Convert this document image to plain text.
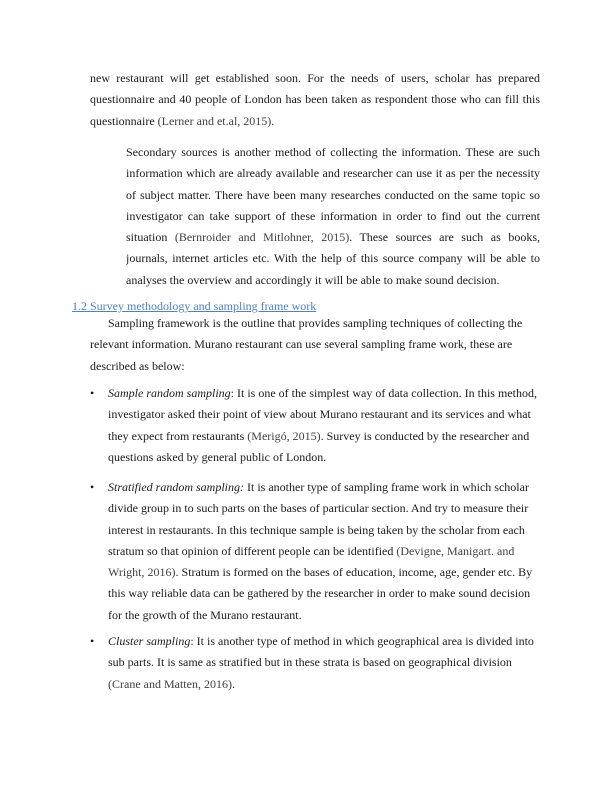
new restaurant will get established soon. For the needs of users, scholar has prepared
questionnaire and 40 people of London has been taken as respondent those who can fill this
questionnaire (Lerner and et.al, 2015).
Secondary sources is another method of collecting the information. These are such
information which are already available and researcher can use it as per the necessity
of subject matter. There have been many researches conducted on the same topic so
investigator can take support of these information in order to find out the current
situation (Bernroider and Mitlohner, 2015). These sources are such as books,
journals, internet articles etc. With the help of this source company will be able to
analyses the overview and accordingly it will be able to make sound decision.
1.2 Survey methodology and sampling frame work
Sampling framework is the outline that provides sampling techniques of collecting the
relevant information. Murano restaurant can use several sampling frame work, these are
described as below:
•	Sample random sampling: It is one of the simplest way of data collection. In this method,
investigator asked their point of view about Murano restaurant and its services and what
they expect from restaurants (Merigó, 2015). Survey is conducted by the researcher and
questions asked by general public of London.
•	Stratified random sampling: It is another type of sampling frame work in which scholar
divide group in to such parts on the bases of particular section. And try to measure their
interest in restaurants. In this technique sample is being taken by the scholar from each
stratum so that opinion of different people can be identified (Devigne, Manigart. and
Wright, 2016). Stratum is formed on the bases of education, income, age, gender etc. By
this way reliable data can be gathered by the researcher in order to make sound decision
for the growth of the Murano restaurant.
•	Cluster sampling: It is another type of method in which geographical area is divided into
sub parts. It is same as stratified but in these strata is based on geographical division
(Crane and Matten, 2016).
